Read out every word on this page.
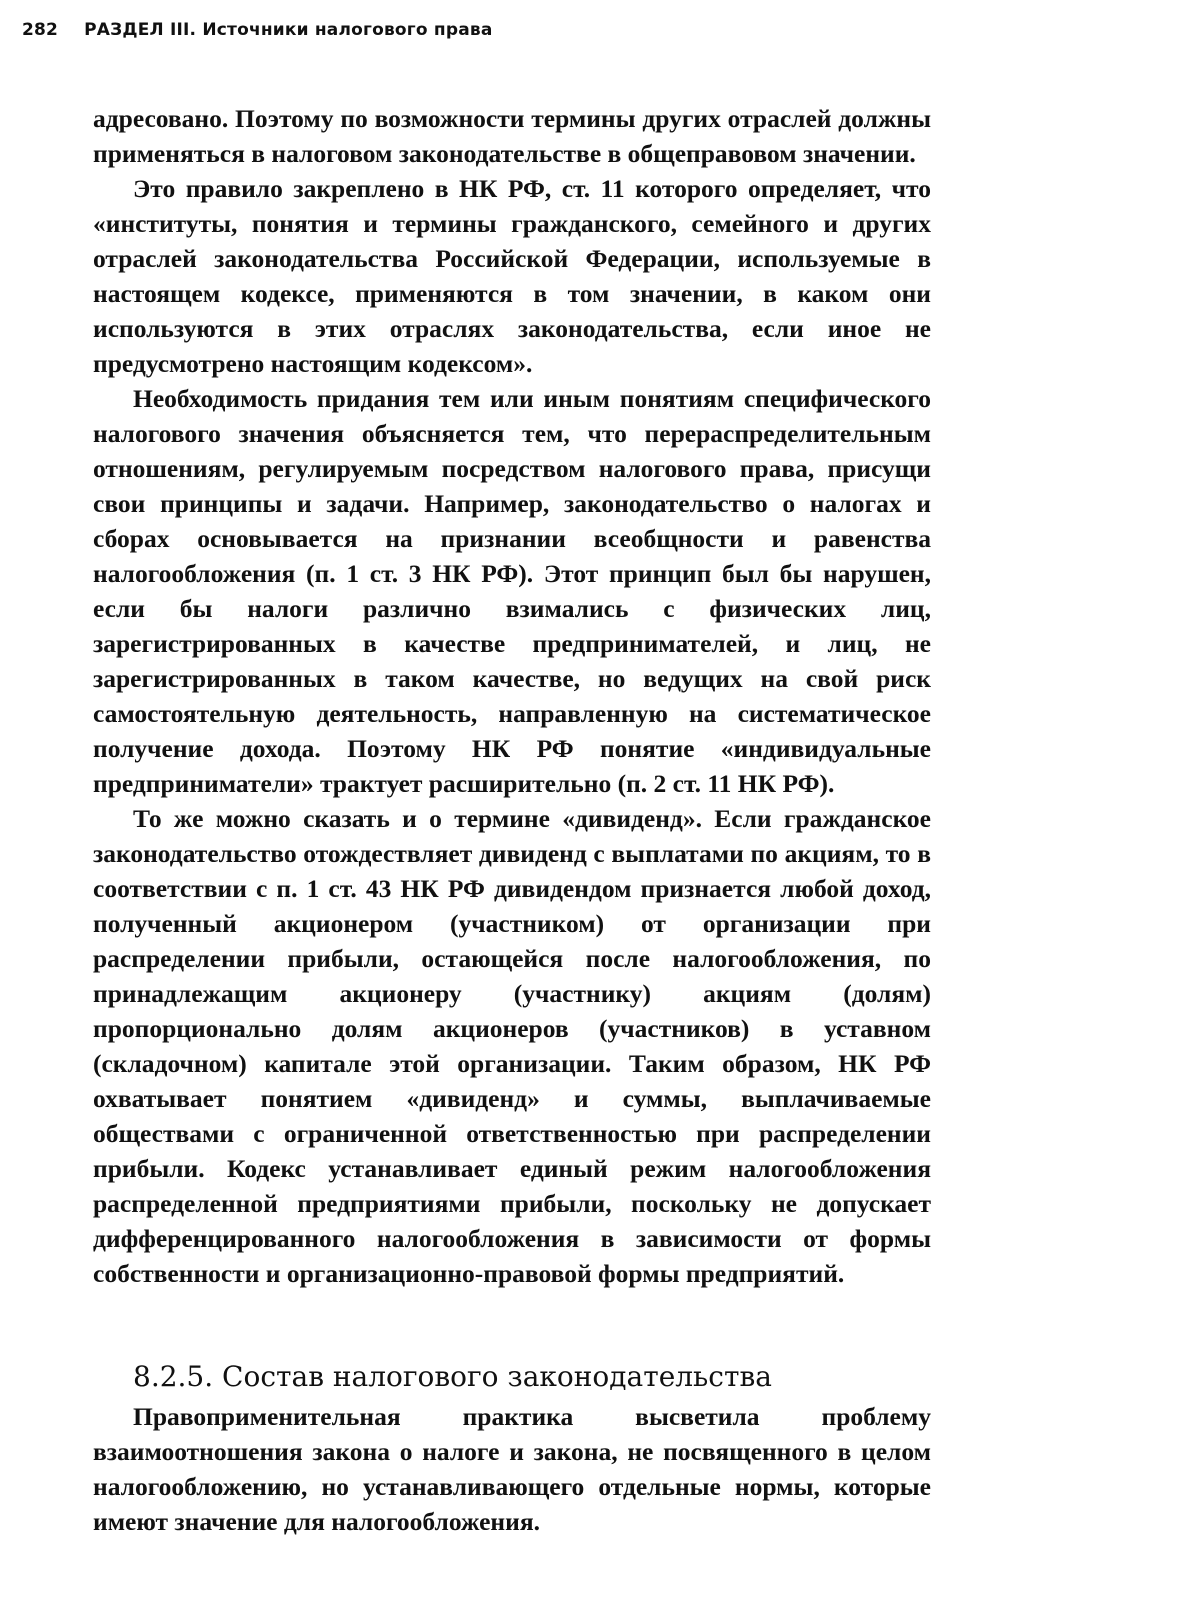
282 РАЗДЕЛ III. Источники налогового права

адресовано. Поэтому по возможности термины других отраслей должны применяться в налоговом законодательстве в общеправовом значении.

Это правило закреплено в НК РФ, ст. 11 которого определяет, что «институты, понятия и термины гражданского, семейного и других отраслей законодательства Российской Федерации, используемые в настоящем кодексе, применяются в том значении, в каком они используются в этих отраслях законодательства, если иное не предусмотрено настоящим кодексом».

Необходимость придания тем или иным понятиям специфического налогового значения объясняется тем, что перераспределительным отношениям, регулируемым посредством налогового права, присущи свои принципы и задачи. Например, законодательство о налогах и сборах основывается на признании всеобщности и равенства налогообложения (п. 1 ст. 3 НК РФ). Этот принцип был бы нарушен, если бы налоги различно взимались с физических лиц, зарегистрированных в качестве предпринимателей, и лиц, не зарегистрированных в таком качестве, но ведущих на свой риск самостоятельную деятельность, направленную на систематическое получение дохода. Поэтому НК РФ понятие «индивидуальные предприниматели» трактует расширительно (п. 2 ст. 11 НК РФ).

То же можно сказать и о термине «дивиденд». Если гражданское законодательство отождествляет дивиденд с выплатами по акциям, то в соответствии с п. 1 ст. 43 НК РФ дивидендом признается любой доход, полученный акционером (участником) от организации при распределении прибыли, остающейся после налогообложения, по принадлежащим акционеру (участнику) акциям (долям) пропорционально долям акционеров (участников) в уставном (складочном) капитале этой организации. Таким образом, НК РФ охватывает понятием «дивиденд» и суммы, выплачиваемые обществами с ограниченной ответственностью при распределении прибыли. Кодекс устанавливает единый режим налогообложения распределенной предприятиями прибыли, поскольку не допускает дифференцированного налогообложения в зависимости от формы собственности и организационно-правовой формы предприятий.

8.2.5. Состав налогового законодательства

Правоприменительная практика высветила проблему взаимоотношения закона о налоге и закона, не посвященного в целом налогообложению, но устанавливающего отдельные нормы, которые имеют значение для налогообложения.
